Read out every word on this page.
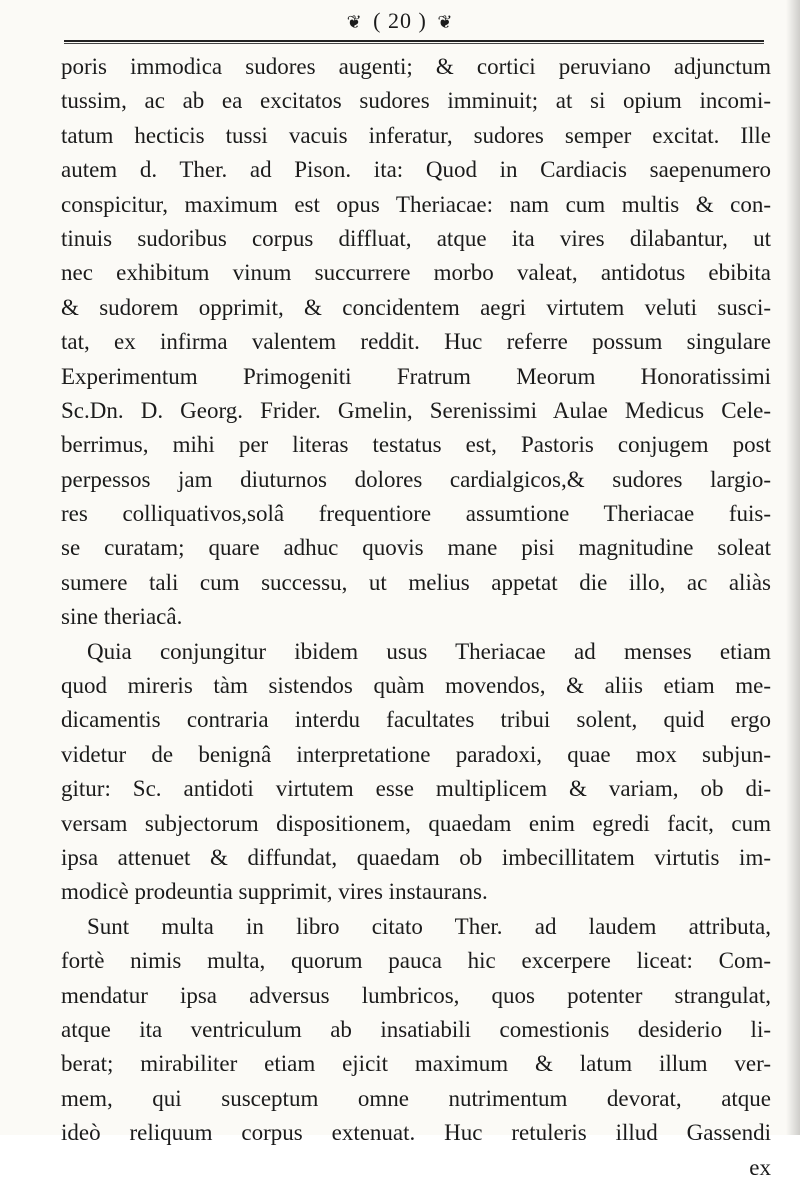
❦ ( 20 ) ❦
poris immodica sudores augenti; & cortici peruviano adjunctum
tussim, ac ab ea excitatos sudores imminuit; at si opium incomi-
tatum hecticis tussi vacuis inferatur, sudores semper excitat. Ille
autem d. Ther. ad Pison. ita: Quod in Cardiacis saepenumero
conspicitur, maximum est opus Theriacae: nam cum multis & con-
tinuis sudoribus corpus diffluat, atque ita vires dilabantur, ut
nec exhibitum vinum succurrere morbo valeat, antidotus ebibita
& sudorem opprimit, & concidentem aegri virtutem veluti susci-
tat, ex infirma valentem reddit. Huc referre possum singulare
Experimentum Primogeniti Fratrum Meorum Honoratissimi
Sc.Dn. D. Georg. Frider. Gmelin, Serenissimi Aulae Medicus Cele-
berrimus, mihi per literas testatus est, Pastoris conjugem post
perpessos jam diuturnos dolores cardialgicos,& sudores largio-
res colliquativos,solâ frequentiore assumtione Theriacae fuis-
se curatam; quare adhuc quovis mane pisi magnitudine soleat
sumere tali cum successu, ut melius appetat die illo, ac aliàs
sine theriacâ.
Quia conjungitur ibidem usus Theriacae ad menses etiam
quod mireris tàm sistendos quàm movendos, & aliis etiam me-
dicamentis contraria interdu facultates tribui solent, quid ergo
videtur de benignâ interpretatione paradoxi, quae mox subjun-
gitur: Sc. antidoti virtutem esse multiplicem & variam, ob di-
versam subjectorum dispositionem, quaedam enim egredi facit, cum
ipsa attenuet & diffundat, quaedam ob imbecillitatem virtutis im-
modicè prodeuntia supprimit, vires instaurans.
Sunt multa in libro citato Ther. ad laudem attributa,
fortè nimis multa, quorum pauca hic excerpere liceat: Com-
mendatur ipsa adversus lumbricos, quos potenter strangulat,
atque ita ventriculum ab insatiabili comestionis desiderio li-
berat; mirabiliter etiam ejicit maximum & latum illum ver-
mem, qui susceptum omne nutrimentum devorat, atque
ideò reliquum corpus extenuat. Huc retuleris illud Gassendi
ex
